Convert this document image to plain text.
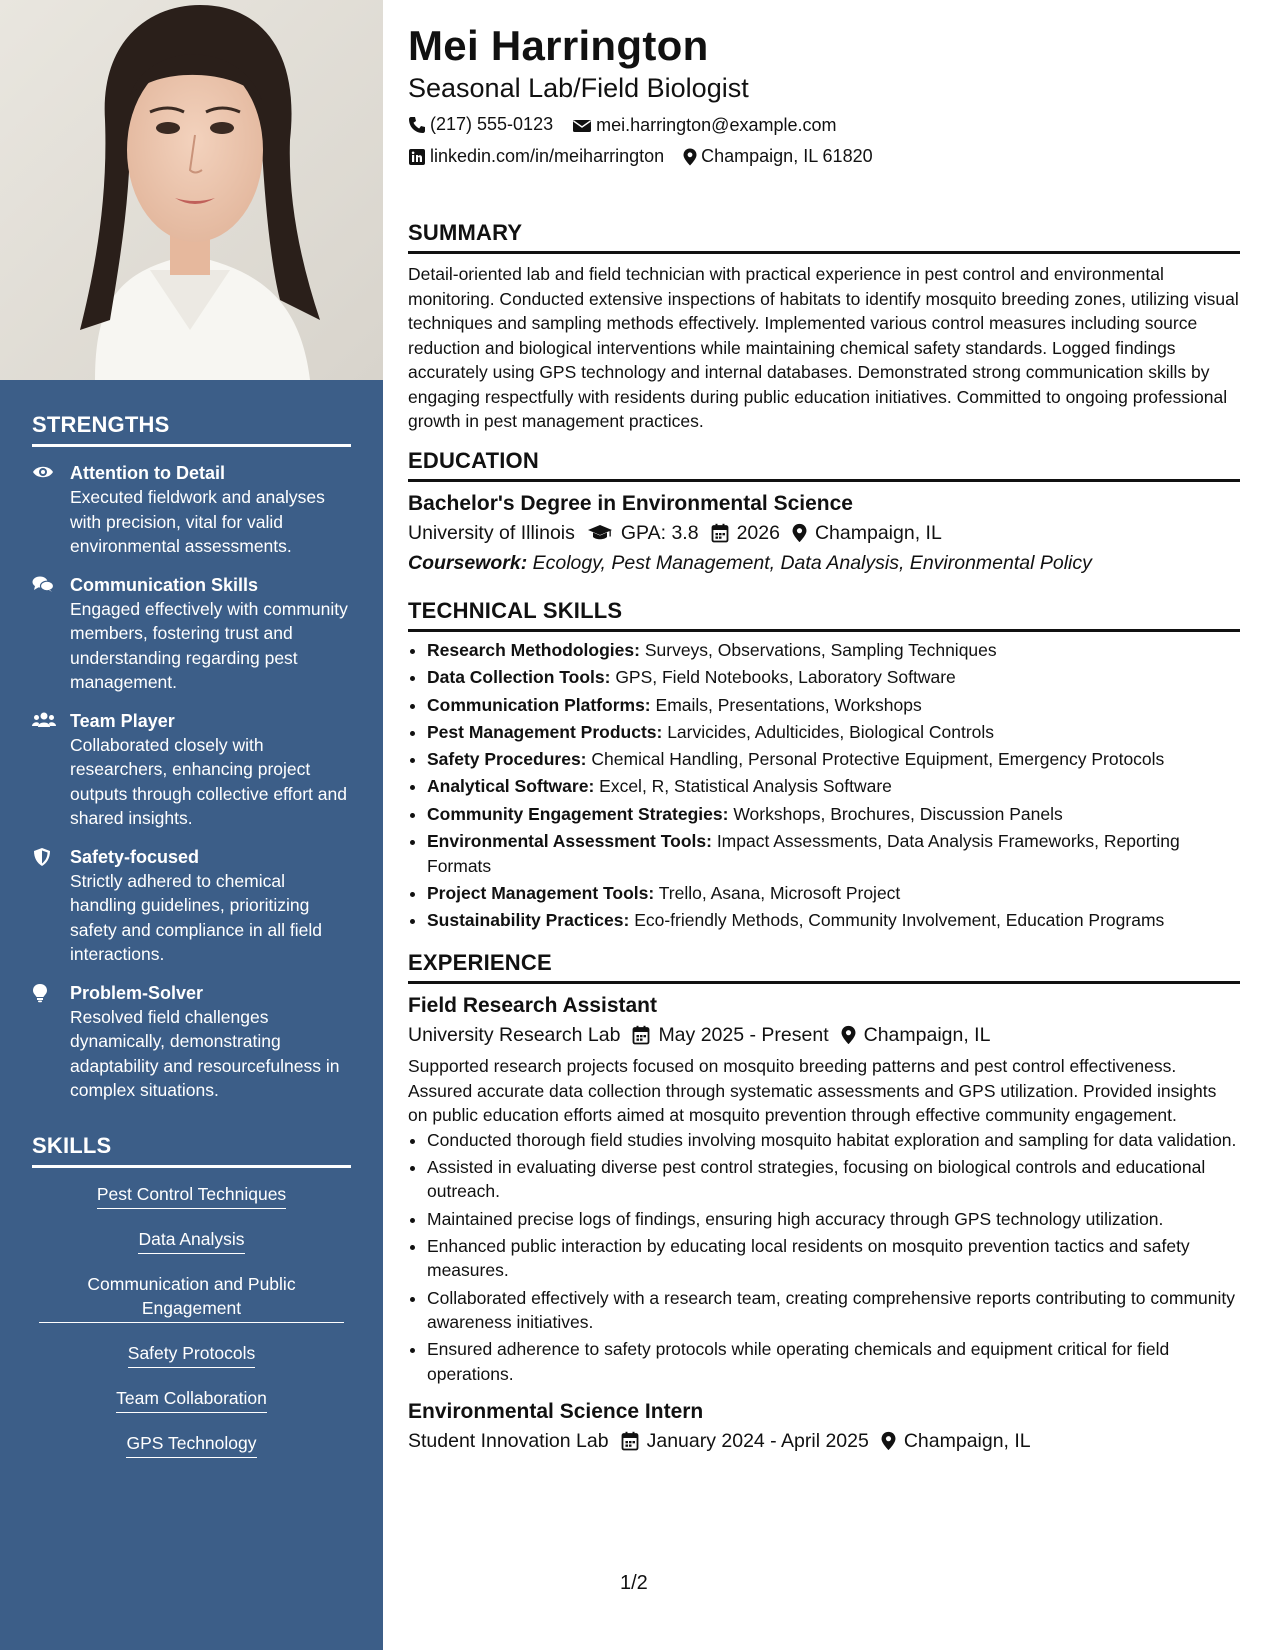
STRENGTHS
Attention to Detail
Executed fieldwork and analyses with precision, vital for valid environmental assessments.
Communication Skills
Engaged effectively with community members, fostering trust and understanding regarding pest management.
Team Player
Collaborated closely with researchers, enhancing project outputs through collective effort and shared insights.
Safety-focused
Strictly adhered to chemical handling guidelines, prioritizing safety and compliance in all field interactions.
Problem-Solver
Resolved field challenges dynamically, demonstrating adaptability and resourcefulness in complex situations.
SKILLS
Pest Control Techniques
Data Analysis
Communication and Public Engagement
Safety Protocols
Team Collaboration
GPS Technology
Mei Harrington
Seasonal Lab/Field Biologist
(217) 555-0123
mei.harrington@example.com
linkedin.com/in/meiharrington
Champaign, IL 61820
SUMMARY
Detail-oriented lab and field technician with practical experience in pest control and environmental monitoring. Conducted extensive inspections of habitats to identify mosquito breeding zones, utilizing visual techniques and sampling methods effectively. Implemented various control measures including source reduction and biological interventions while maintaining chemical safety standards. Logged findings accurately using GPS technology and internal databases. Demonstrated strong communication skills by engaging respectfully with residents during public education initiatives. Committed to ongoing professional growth in pest management practices.
EDUCATION
Bachelor's Degree in Environmental Science
University of Illinois GPA: 3.8 2026 Champaign, IL
Coursework: Ecology, Pest Management, Data Analysis, Environmental Policy
TECHNICAL SKILLS
• Research Methodologies: Surveys, Observations, Sampling Techniques
• Data Collection Tools: GPS, Field Notebooks, Laboratory Software
• Communication Platforms: Emails, Presentations, Workshops
• Pest Management Products: Larvicides, Adulticides, Biological Controls
• Safety Procedures: Chemical Handling, Personal Protective Equipment, Emergency Protocols
• Analytical Software: Excel, R, Statistical Analysis Software
• Community Engagement Strategies: Workshops, Brochures, Discussion Panels
• Environmental Assessment Tools: Impact Assessments, Data Analysis Frameworks, Reporting Formats
• Project Management Tools: Trello, Asana, Microsoft Project
• Sustainability Practices: Eco-friendly Methods, Community Involvement, Education Programs
EXPERIENCE
Field Research Assistant
University Research Lab May 2025 - Present Champaign, IL
Supported research projects focused on mosquito breeding patterns and pest control effectiveness. Assured accurate data collection through systematic assessments and GPS utilization. Provided insights on public education efforts aimed at mosquito prevention through effective community engagement.
• Conducted thorough field studies involving mosquito habitat exploration and sampling for data validation.
• Assisted in evaluating diverse pest control strategies, focusing on biological controls and educational outreach.
• Maintained precise logs of findings, ensuring high accuracy through GPS technology utilization.
• Enhanced public interaction by educating local residents on mosquito prevention tactics and safety measures.
• Collaborated effectively with a research team, creating comprehensive reports contributing to community awareness initiatives.
• Ensured adherence to safety protocols while operating chemicals and equipment critical for field operations.
Environmental Science Intern
Student Innovation Lab January 2024 - April 2025 Champaign, IL
1/2
